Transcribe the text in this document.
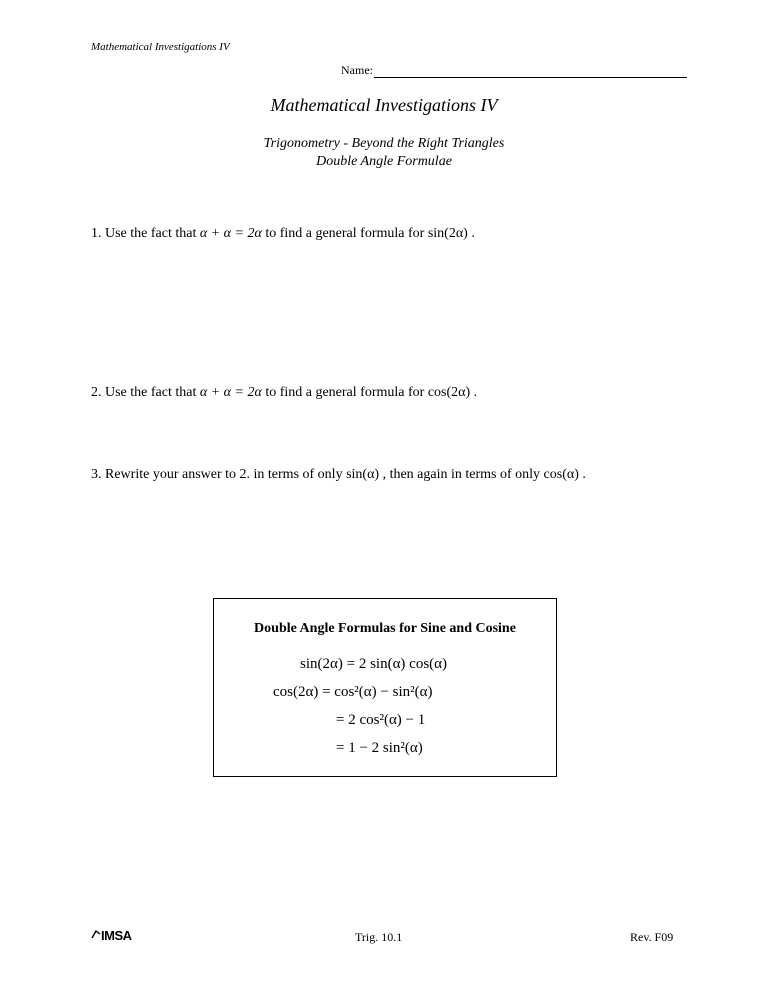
Mathematical Investigations IV
Name:
Mathematical Investigations IV
Trigonometry - Beyond the Right Triangles
Double Angle Formulae
1. Use the fact that α + α = 2α to find a general formula for sin(2α) .
2. Use the fact that α + α = 2α to find a general formula for cos(2α) .
3. Rewrite your answer to 2. in terms of only sin(α) , then again in terms of only cos(α) .
Double Angle Formulas for Sine and Cosine
sin(2α) = 2 sin(α) cos(α)
cos(2α) = cos²(α) − sin²(α)
= 2 cos²(α) − 1
= 1 − 2 sin²(α)
IMSA	Trig. 10.1	Rev. F09
